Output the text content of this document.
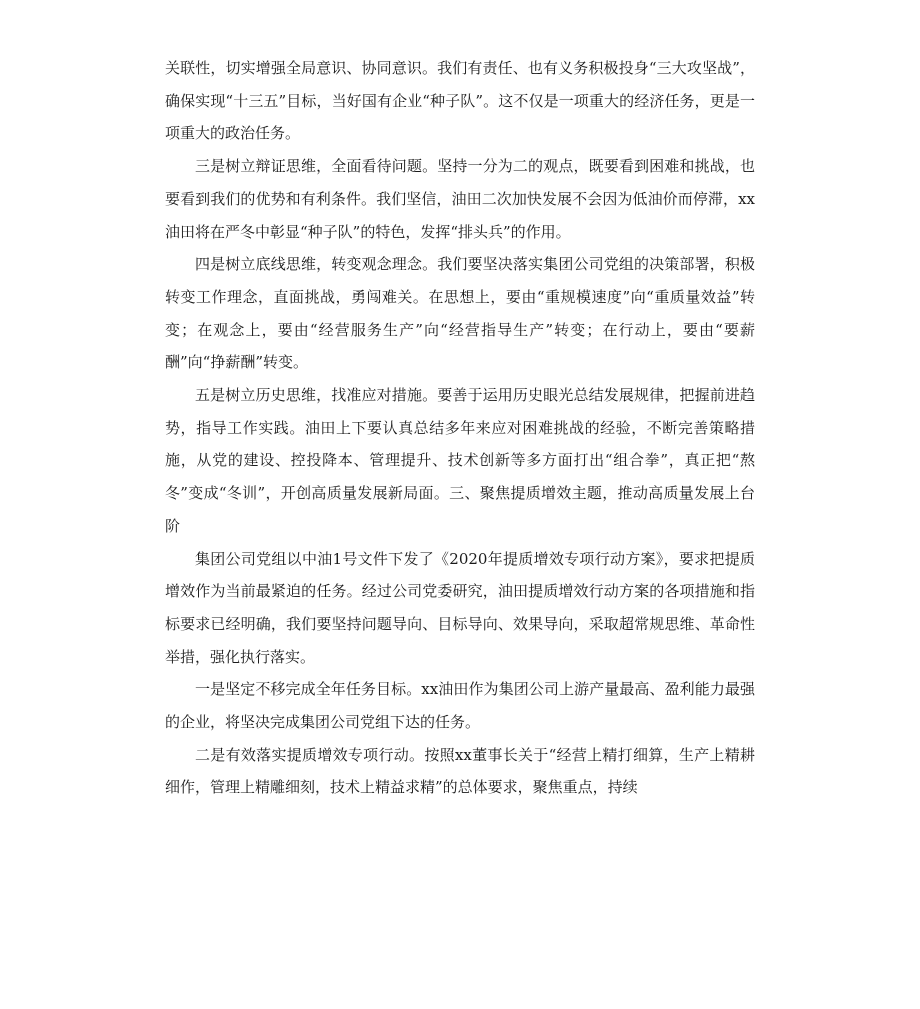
关联性，切实增强全局意识、协同意识。我们有责任、也有义务积极投身“三大攻坚战”，确保实现“十三五”目标，当好国有企业“种子队”。这不仅是一项重大的经济任务，更是一项重大的政治任务。

三是树立辩证思维，全面看待问题。坚持一分为二的观点，既要看到困难和挑战，也要看到我们的优势和有利条件。我们坚信，油田二次加快发展不会因为低油价而停滞，xx油田将在严冬中彰显“种子队”的特色，发挥“排头兵”的作用。

四是树立底线思维，转变观念理念。我们要坚决落实集团公司党组的决策部署，积极转变工作理念，直面挑战，勇闯难关。在思想上，要由“重规模速度”向“重质量效益”转变；在观念上，要由“经营服务生产”向“经营指导生产”转变；在行动上，要由“要薪酬”向“挣薪酬”转变。

五是树立历史思维，找准应对措施。要善于运用历史眼光总结发展规律，把握前进趋势，指导工作实践。油田上下要认真总结多年来应对困难挑战的经验，不断完善策略措施，从党的建设、控投降本、管理提升、技术创新等多方面打出“组合拳”，真正把“熬冬”变成“冬训”，开创高质量发展新局面。三、聚焦提质增效主题，推动高质量发展上台阶

集团公司党组以中油1号文件下发了《2020年提质增效专项行动方案》，要求把提质增效作为当前最紧迫的任务。经过公司党委研究，油田提质增效行动方案的各项措施和指标要求已经明确，我们要坚持问题导向、目标导向、效果导向，采取超常规思维、革命性举措，强化执行落实。

一是坚定不移完成全年任务目标。xx油田作为集团公司上游产量最高、盈利能力最强的企业，将坚决完成集团公司党组下达的任务。

二是有效落实提质增效专项行动。按照xx董事长关于“经营上精打细算，生产上精耕细作，管理上精雕细刻，技术上精益求精”的总体要求，聚焦重点，持续
